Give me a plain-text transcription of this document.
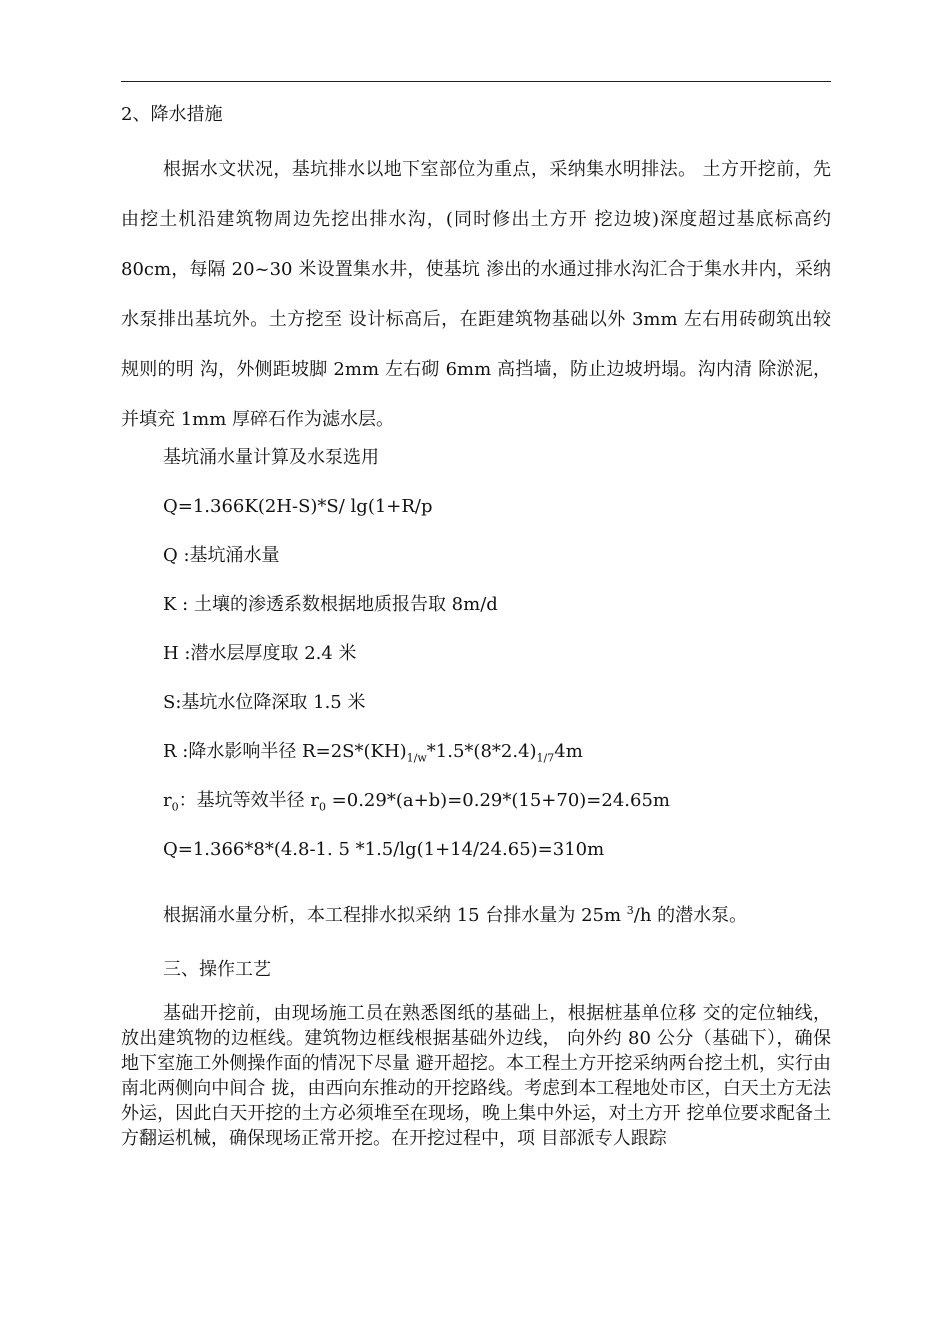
2、降水措施

根据水文状况，基坑排水以地下室部位为重点，采纳集水明排法。 土方开挖前，先由挖土机沿建筑物周边先挖出排水沟，(同时修出土方开 挖边坡)深度超过基底标高约 80cm，每隔 20~30 米设置集水井，使基坑 渗出的水通过排水沟汇合于集水井内，采纳水泵排出基坑外。土方挖至 设计标高后，在距建筑物基础以外 3mm 左右用砖砌筑出较规则的明 沟，外侧距坡脚 2mm 左右砌 6mm 高挡墙，防止边坡坍塌。沟内清 除淤泥，并填充 1mm 厚碎石作为滤水层。

基坑涌水量计算及水泵选用

Q=1.366K(2H-S)*S/ lg(1+R/p

Q :基坑涌水量

K : 土壤的渗透系数根据地质报告取 8m/d

H :潜水层厚度取 2.4 米

S:基坑水位降深取 1.5 米

R :降水影响半径 $R=2S*(KH)_{1/w}*1.5*(8*2.4)_{1/7}4m$

$r_0$：基坑等效半径 $r_0 =0.29*(a+b)=0.29*(15+70)=24.65m$

Q=1.366*8*(4.8-1. 5 *1.5/lg(1+14/24.65)=310m

根据涌水量分析，本工程排水拟采纳 15 台排水量为 25m $^3$/h 的潜水泵。

三、操作工艺

基础开挖前，由现场施工员在熟悉图纸的基础上，根据桩基单位移 交的定位轴线，放出建筑物的边框线。建筑物边框线根据基础外边线， 向外约 80 公分（基础下），确保地下室施工外侧操作面的情况下尽量 避开超挖。本工程土方开挖采纳两台挖土机，实行由南北两侧向中间合 拢，由西向东推动的开挖路线。考虑到本工程地处市区，白天土方无法 外运，因此白天开挖的土方必须堆至在现场，晚上集中外运，对土方开 挖单位要求配备土方翻运机械，确保现场正常开挖。在开挖过程中，项 目部派专人跟踪
